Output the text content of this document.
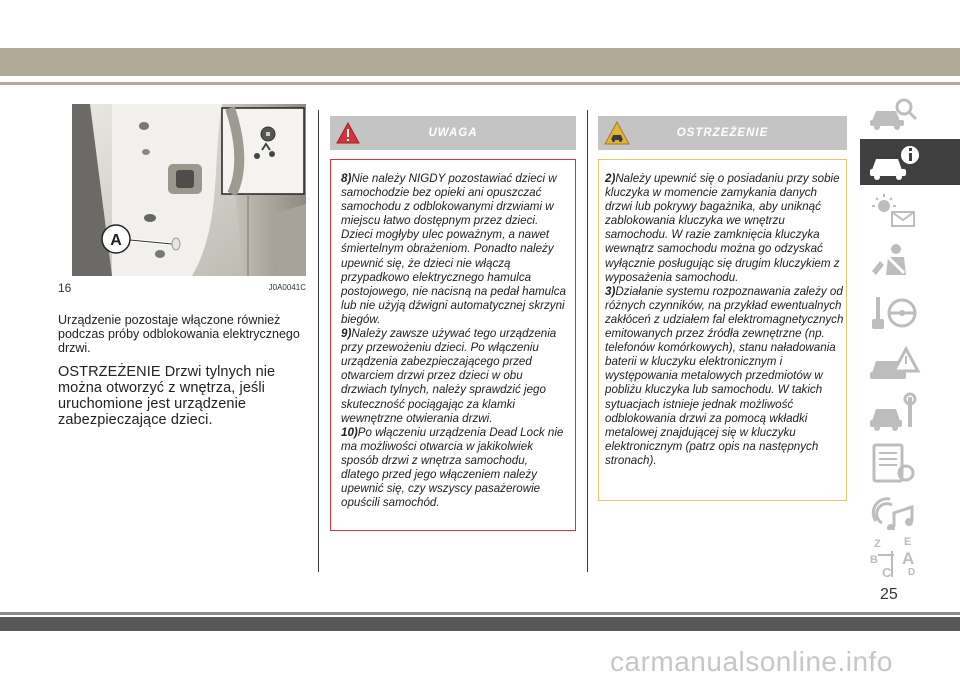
A
16	J0A0041C
Urządzenie pozostaje włączone również podczas próby odblokowania elektrycznego drzwi.
OSTRZEŻENIE Drzwi tylnych nie można otworzyć z wnętrza, jeśli uruchomione jest urządzenie zabezpieczające dzieci.
UWAGA

8)Nie należy NIGDY pozostawiać dzieci w samochodzie bez opieki ani opuszczać samochodu z odblokowanymi drzwiami w miejscu łatwo dostępnym przez dzieci. Dzieci mogłyby ulec poważnym, a nawet śmiertelnym obrażeniom. Ponadto należy upewnić się, że dzieci nie włączą przypadkowo elektrycznego hamulca postojowego, nie nacisną na pedał hamulca lub nie użyją dźwigni automatycznej skrzyni biegów.

9)Należy zawsze używać tego urządzenia przy przewożeniu dzieci. Po włączeniu urządzenia zabezpieczającego przed otwarciem drzwi przez dzieci w obu drzwiach tylnych, należy sprawdzić jego skuteczność pociągając za klamki wewnętrzne otwierania drzwi.

10)Po włączeniu urządzenia Dead Lock nie ma możliwości otwarcia w jakikolwiek sposób drzwi z wnętrza samochodu, dlatego przed jego włączeniem należy upewnić się, czy wszyscy pasażerowie opuścili samochód.

OSTRZEŻENIE

2)Należy upewnić się o posiadaniu przy sobie kluczyka w momencie zamykania danych drzwi lub pokrywy bagażnika, aby uniknąć zablokowania kluczyka we wnętrzu samochodu. W razie zamknięcia kluczyka wewnątrz samochodu można go odzyskać wyłącznie posługując się drugim kluczykiem z wyposażenia samochodu.

3)Działanie systemu rozpoznawania zależy od różnych czynników, na przykład ewentualnych zakłóceń z udziałem fal elektromagnetycznych emitowanych przez źródła zewnętrzne (np. telefonów komórkowych), stanu naładowania baterii w kluczyku elektronicznym i występowania metalowych przedmiotów w pobliżu kluczyka lub samochodu. W takich sytuacjach istnieje jednak możliwość odblokowania drzwi za pomocą wkładki metalowej znajdującej się w kluczyku elektronicznym (patrz opis na następnych stronach).

Z E
B A
C D
25
carmanualsonline.info
